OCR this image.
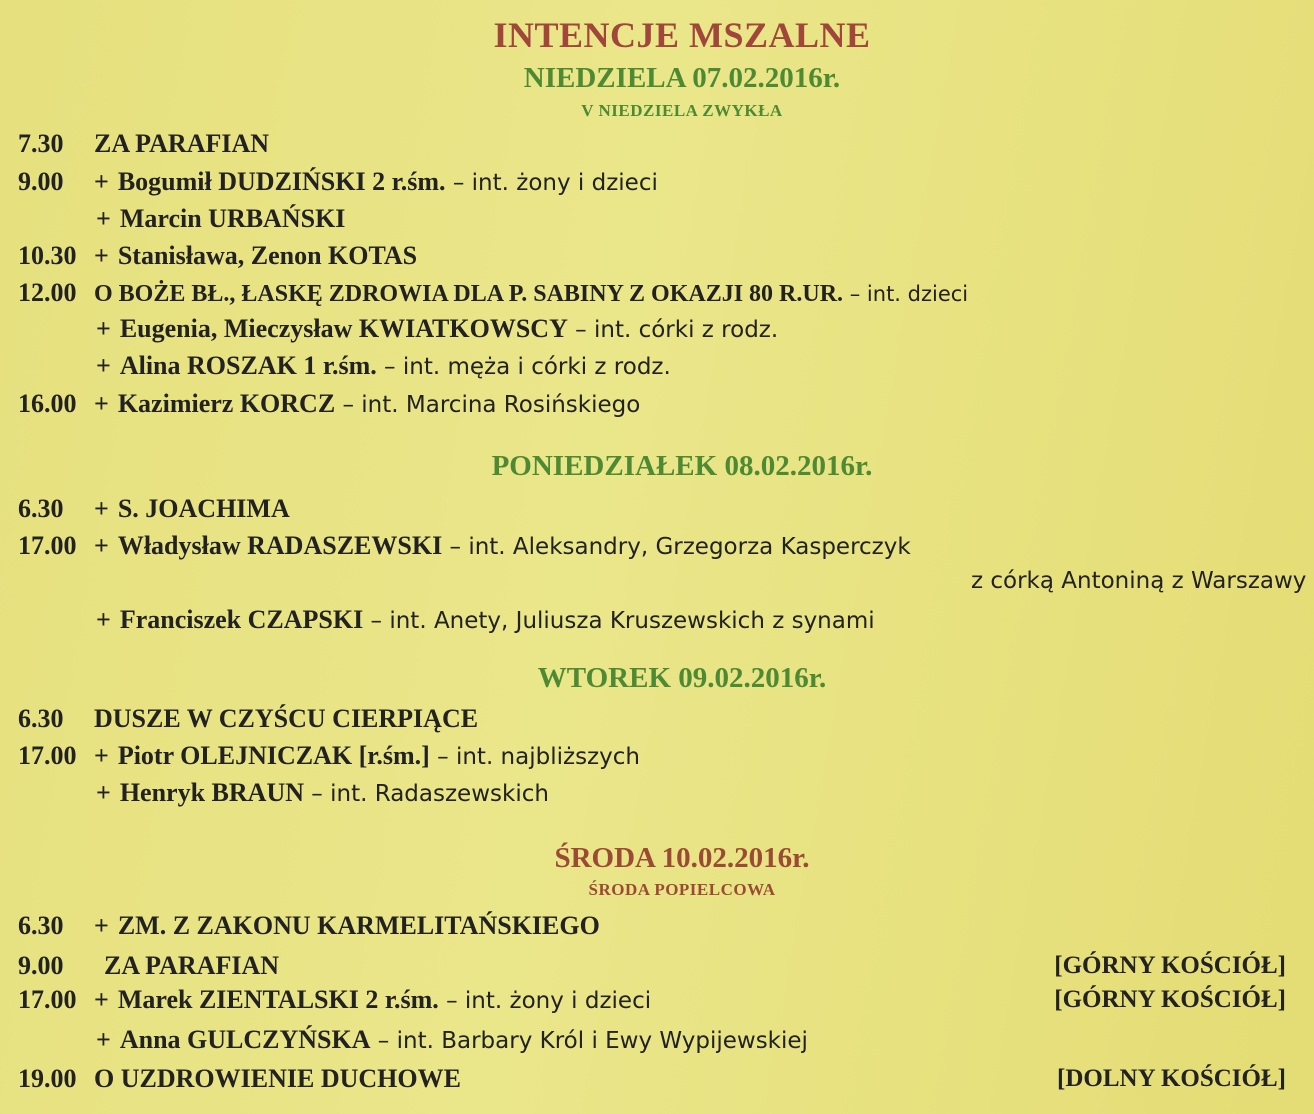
INTENCJE MSZALNE
NIEDZIELA 07.02.2016r.
V NIEDZIELA ZWYKŁA
7.30 ZA PARAFIAN
9.00 + Bogumił DUDZIŃSKI 2 r.śm. – int. żony i dzieci
+ Marcin URBAŃSKI
10.30 + Stanisława, Zenon KOTAS
12.00 O BOŻE BŁ., ŁASKĘ ZDROWIA DLA P. SABINY Z OKAZJI 80 R.UR. – int. dzieci
+ Eugenia, Mieczysław KWIATKOWSCY – int. córki z rodz.
+ Alina ROSZAK 1 r.śm. – int. męża i córki z rodz.
16.00 + Kazimierz KORCZ – int. Marcina Rosińskiego
PONIEDZIAŁEK 08.02.2016r.
6.30 + S. JOACHIMA
17.00 + Władysław RADASZEWSKI – int. Aleksandry, Grzegorza Kasperczyk
z córką Antoniną z Warszawy
+ Franciszek CZAPSKI – int. Anety, Juliusza Kruszewskich z synami
WTOREK 09.02.2016r.
6.30 DUSZE W CZYŚCU CIERPIĄCE
17.00 + Piotr OLEJNICZAK [r.śm.] – int. najbliższych
+ Henryk BRAUN – int. Radaszewskich
ŚRODA 10.02.2016r.
ŚRODA POPIELCOWA
6.30 + ZM. Z ZAKONU KARMELITAŃSKIEGO
9.00 ZA PARAFIAN	[GÓRNY KOŚCIÓŁ]
17.00 + Marek ZIENTALSKI 2 r.śm. – int. żony i dzieci	[GÓRNY KOŚCIÓŁ]
+ Anna GULCZYŃSKA – int. Barbary Król i Ewy Wypijewskiej
19.00 O UZDROWIENIE DUCHOWE	[DOLNY KOŚCIÓŁ]
